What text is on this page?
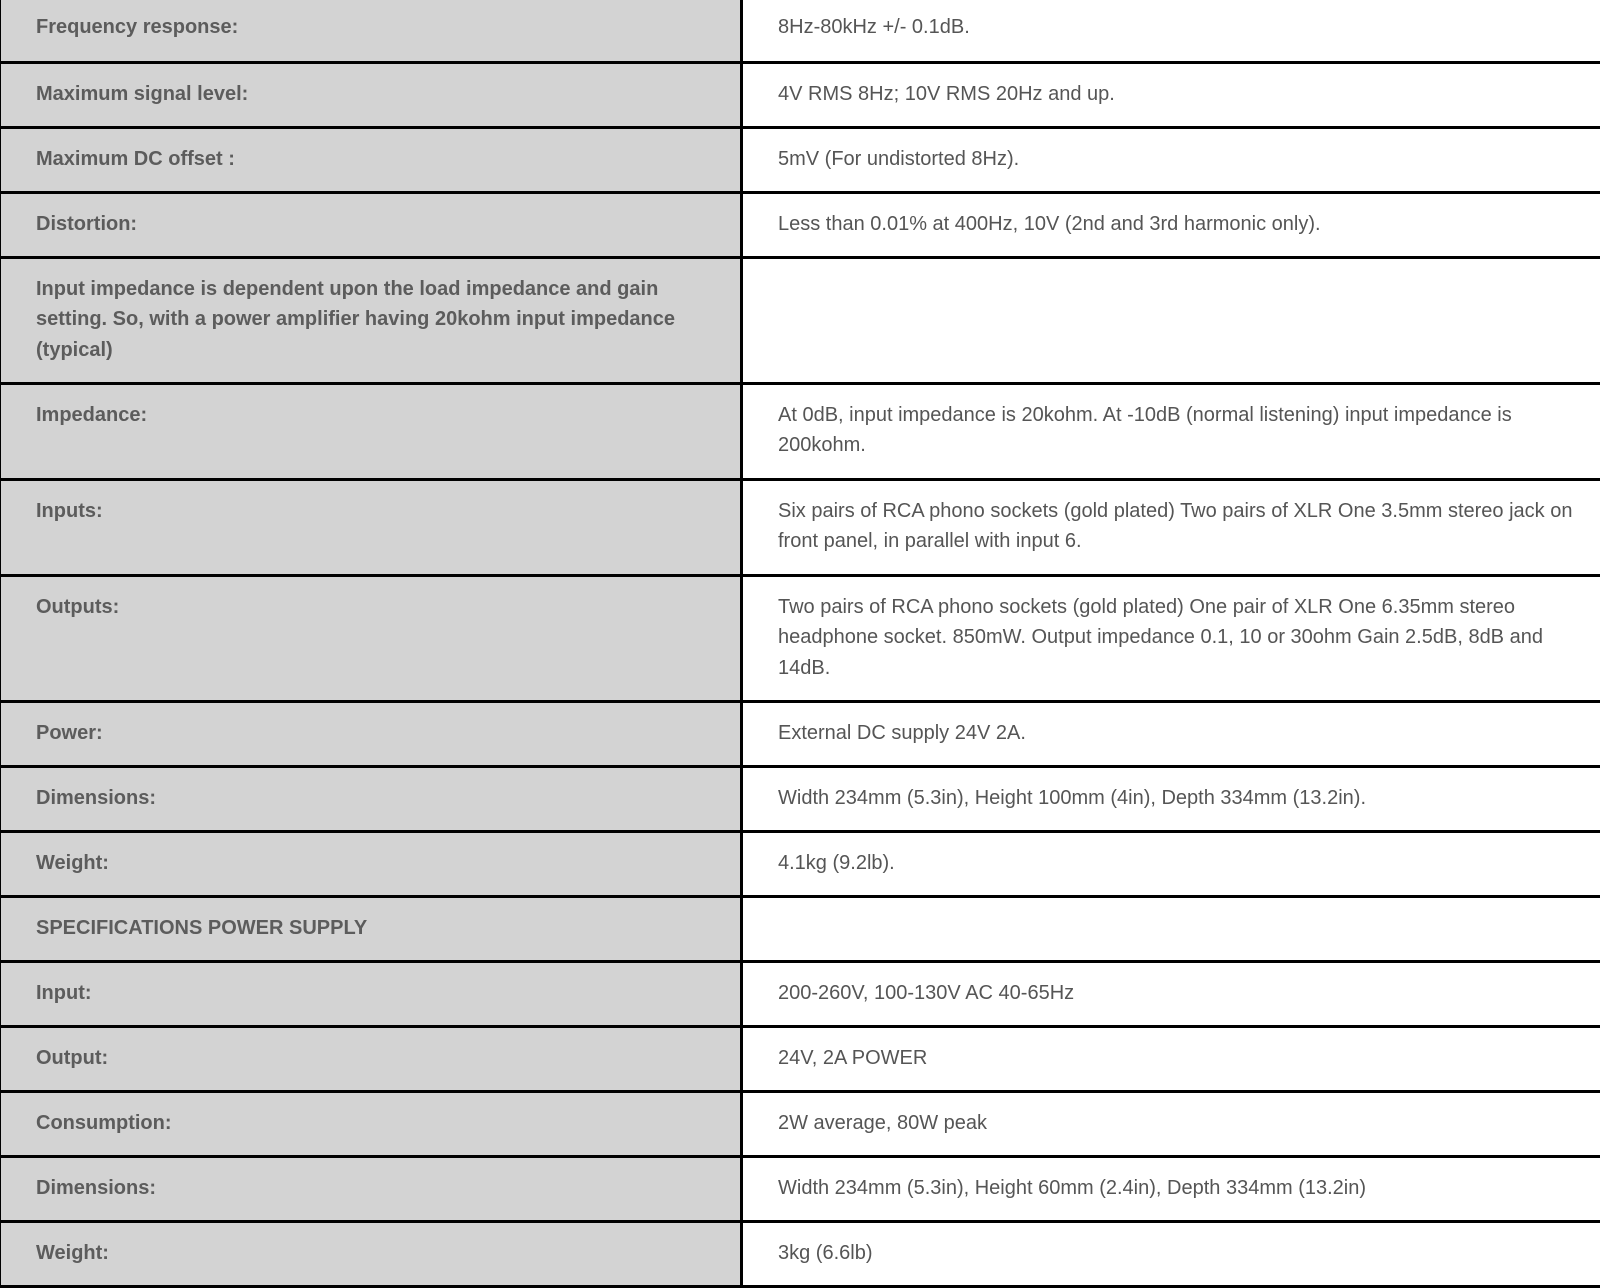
Frequency response:	8Hz-80kHz +/- 0.1dB.
Maximum signal level:	4V RMS 8Hz; 10V RMS 20Hz and up.
Maximum DC offset :	5mV (For undistorted 8Hz).
Distortion:	Less than 0.01% at 400Hz, 10V (2nd and 3rd harmonic only).
Input impedance is dependent upon the load impedance and gain setting. So, with a power amplifier having 20kohm input impedance (typical)	
Impedance:	At 0dB, input impedance is 20kohm. At -10dB (normal listening) input impedance is 200kohm.
Inputs:	Six pairs of RCA phono sockets (gold plated) Two pairs of XLR One 3.5mm stereo jack on front panel, in parallel with input 6.
Outputs:	Two pairs of RCA phono sockets (gold plated) One pair of XLR One 6.35mm stereo headphone socket. 850mW. Output impedance 0.1, 10 or 30ohm Gain 2.5dB, 8dB and 14dB.
Power:	External DC supply 24V 2A.
Dimensions:	Width 234mm (5.3in), Height 100mm (4in), Depth 334mm (13.2in).
Weight:	4.1kg (9.2lb).
SPECIFICATIONS POWER SUPPLY	
Input:	200-260V, 100-130V AC 40-65Hz
Output:	24V, 2A POWER
Consumption:	2W average, 80W peak
Dimensions:	Width 234mm (5.3in), Height 60mm (2.4in), Depth 334mm (13.2in)
Weight:	3kg (6.6lb)
